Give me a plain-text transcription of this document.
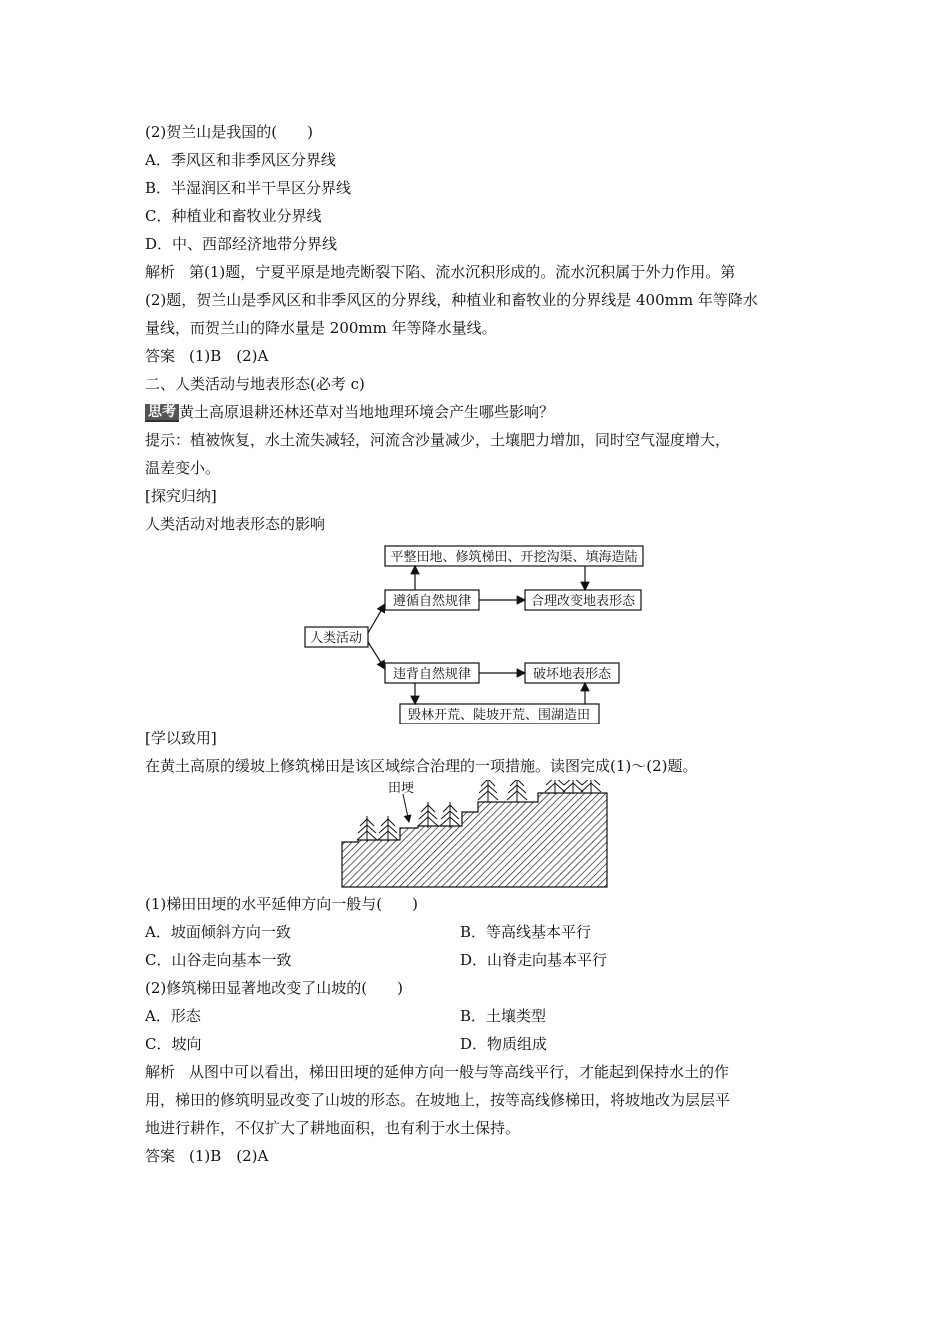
(2)贺兰山是我国的(　　)
A．季风区和非季风区分界线
B．半湿润区和半干旱区分界线
C．种植业和畜牧业分界线
D．中、西部经济地带分界线
解析 第(1)题，宁夏平原是地壳断裂下陷、流水沉积形成的。流水沉积属于外力作用。第
(2)题，贺兰山是季风区和非季风区的分界线，种植业和畜牧业的分界线是 400mm 年等降水
量线，而贺兰山的降水量是 200mm 年等降水量线。
答案 (1)B　(2)A
二、人类活动与地表形态(必考 c)
思考 黄土高原退耕还林还草对当地地理环境会产生哪些影响？
提示：植被恢复，水土流失减轻，河流含沙量减少，土壤肥力增加，同时空气湿度增大，
温差变小。
[探究归纳]
人类活动对地表形态的影响
平整田地、修筑梯田、开挖沟渠、填海造陆
遵循自然规律	合理改变地表形态
人类活动
违背自然规律	破坏地表形态
毁林开荒、陡坡开荒、围湖造田
[学以致用]
在黄土高原的缓坡上修筑梯田是该区域综合治理的一项措施。读图完成(1)～(2)题。
田埂
(1)梯田田埂的水平延伸方向一般与(　　)
A．坡面倾斜方向一致	B．等高线基本平行
C．山谷走向基本一致	D．山脊走向基本平行
(2)修筑梯田显著地改变了山坡的(　　)
A．形态	B．土壤类型
C．坡向	D．物质组成
解析 从图中可以看出，梯田田埂的延伸方向一般与等高线平行，才能起到保持水土的作
用，梯田的修筑明显改变了山坡的形态。在坡地上，按等高线修梯田，将坡地改为层层平
地进行耕作，不仅扩大了耕地面积，也有利于水土保持。
答案 (1)B　(2)A
